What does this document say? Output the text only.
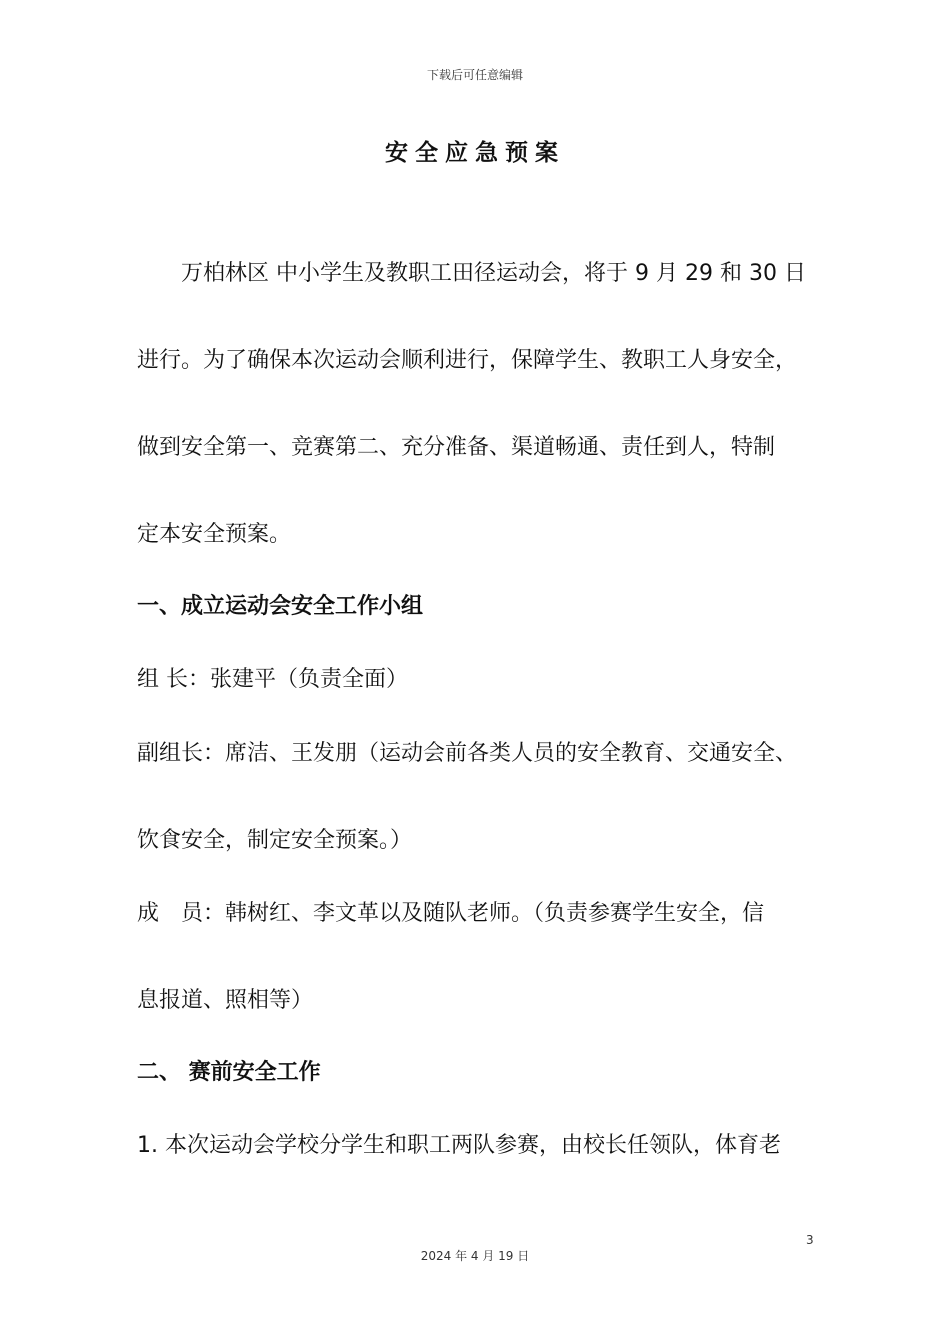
下载后可任意编辑
安全应急预案
　　万柏林区 中小学生及教职工田径运动会，将于 9 月 29 和 30 日
进行。为了确保本次运动会顺利进行，保障学生、教职工人身安全，
做到安全第一、竞赛第二、充分准备、渠道畅通、责任到人，特制
定本安全预案。
一、成立运动会安全工作小组
组 长：张建平（负责全面）
副组长：席洁、王发朋（运动会前各类人员的安全教育、交通安全、
饮食安全，制定安全预案。）
成　员：韩树红、李文革以及随队老师。（负责参赛学生安全，信
息报道、照相等）
二、 赛前安全工作
1. 本次运动会学校分学生和职工两队参赛，由校长任领队，体育老
3
2024 年 4 月 19 日
